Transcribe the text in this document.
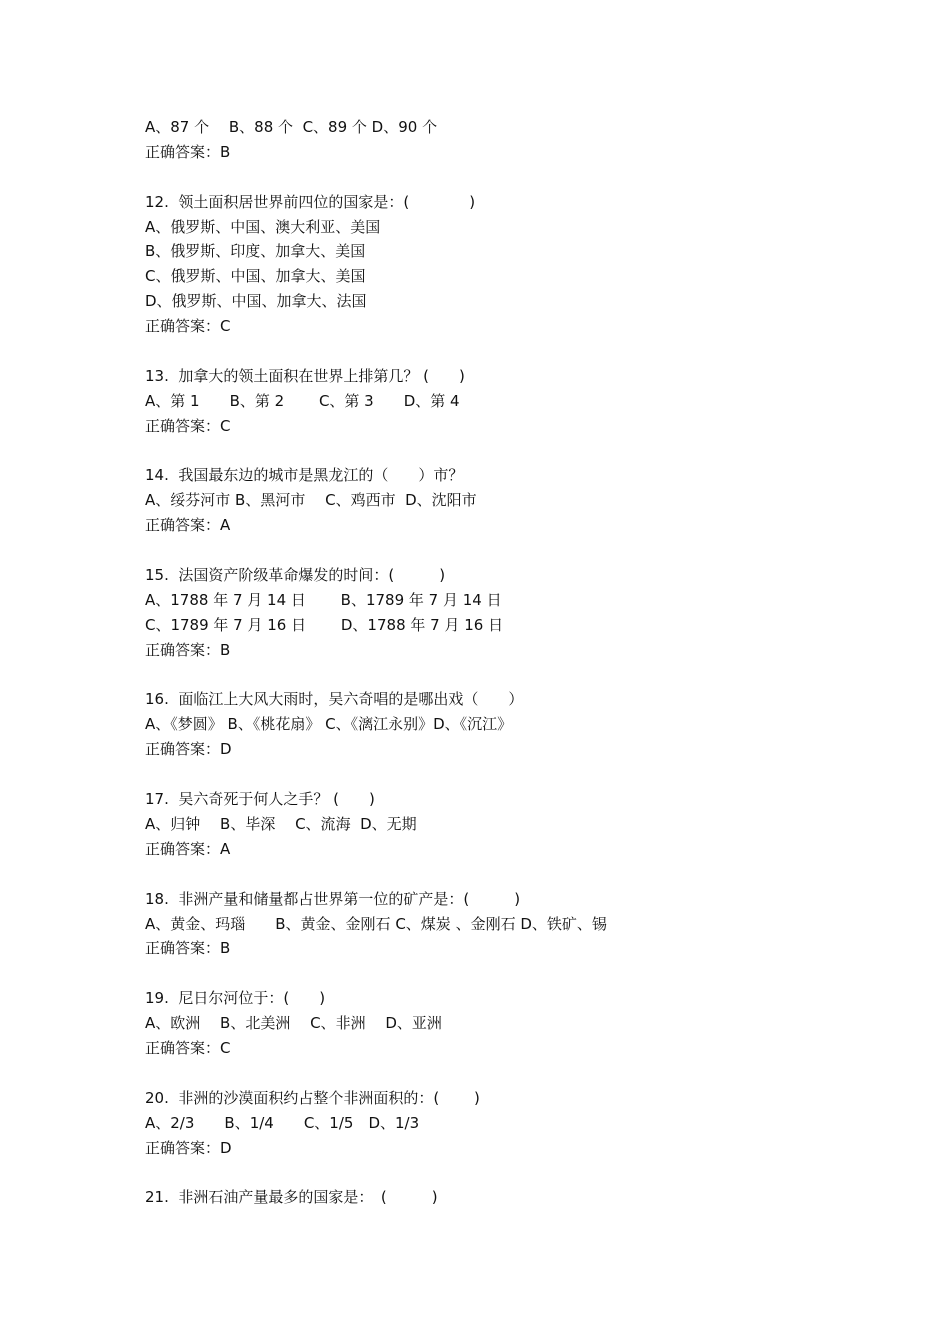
A、87 个　 B、88 个  C、89 个 D、90 个
正确答案：B
12.  领土面积居世界前四位的国家是：(　　　　)
A、俄罗斯、中国、澳大利亚、美国
B、俄罗斯、印度、加拿大、美国
C、俄罗斯、中国、加拿大、美国
D、俄罗斯、中国、加拿大、法国
正确答案：C
13.  加拿大的领土面积在世界上排第几？ (　　)
A、第 1　　B、第 2　　 C、第 3　　D、第 4
正确答案：C
14.  我国最东边的城市是黑龙江的（　　）市？
A、绥芬河市 B、黑河市　 C、鸡西市  D、沈阳市
正确答案：A
15.  法国资产阶级革命爆发的时间：(　　　)
A、1788 年 7 月 14 日　　 B、1789 年 7 月 14 日
C、1789 年 7 月 16 日　　 D、1788 年 7 月 16 日
正确答案：B
16.  面临江上大风大雨时，吴六奇唱的是哪出戏（　　）
A、《梦圆》 B、《桃花扇》 C、《漓江永别》D、《沉江》
正确答案：D
17.  吴六奇死于何人之手？ (　　)
A、归钟　 B、毕深　 C、流海  D、无期
正确答案：A
18.  非洲产量和储量都占世界第一位的矿产是：(　　　)
A、黄金、玛瑙　　B、黄金、金刚石 C、煤炭 、金刚石 D、铁矿、锡
正确答案：B
19.  尼日尔河位于：(　　)
A、欧洲　 B、北美洲　 C、非洲　 D、亚洲
正确答案：C
20.  非洲的沙漠面积约占整个非洲面积的：(　　 )
A、2/3　　B、1/4　　C、1/5　D、1/3
正确答案：D
21.  非洲石油产量最多的国家是：　(　　　)
